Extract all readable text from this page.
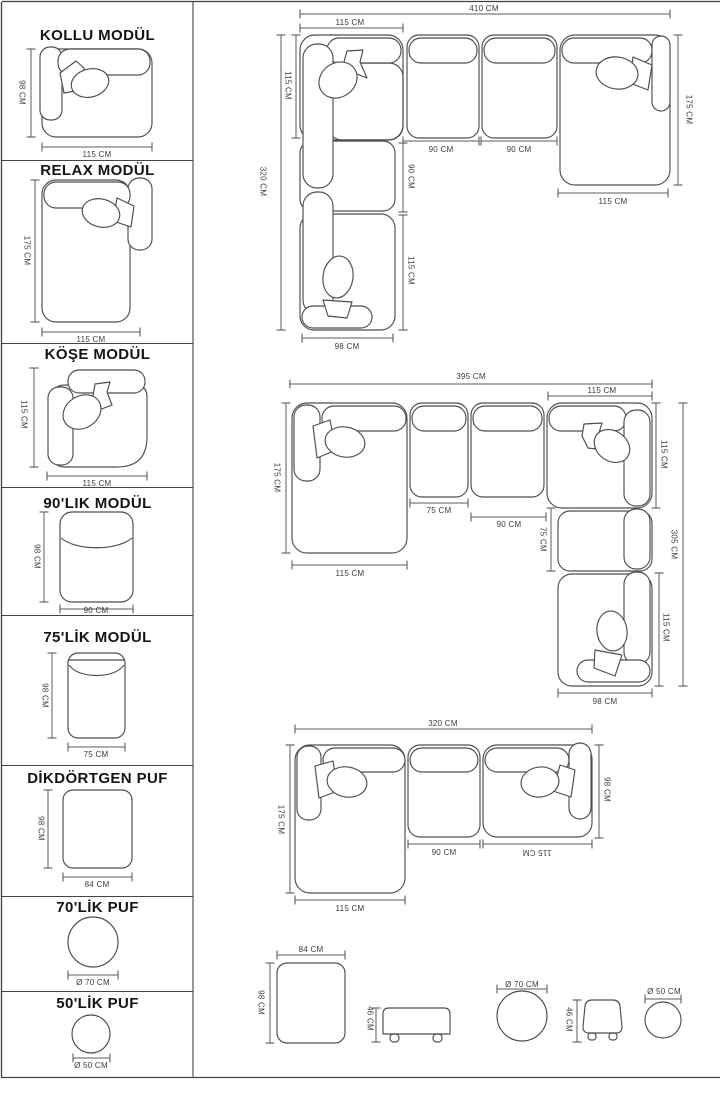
KOLLU MODÜL
RELAX MODÜL
KÖŞE MODÜL
90'LIK MODÜL
75'LİK MODÜL
DİKDÖRTGEN PUF
70'LİK PUF
50'LİK PUF
98 CM
115 CM
175 CM
115 CM
115 CM
115 CM
98 CM
90 CM
98 CM
75 CM
98 CM
84 CM
Ø 70 CM
Ø 50 CM
410 CM
115 CM
115 CM
320 CM
90 CM	90 CM
90 CM
115 CM
98 CM
175 CM
115 CM
395 CM
115 CM
175 CM
115 CM
75 CM
90 CM
115 CM
75 CM
115 CM
305 CM
98 CM
320 CM
175 CM
115 CM
90 CM	115 CM
98 CM
84 CM
98 CM
46 CM
Ø 70 CM
46 CM
Ø 50 CM
